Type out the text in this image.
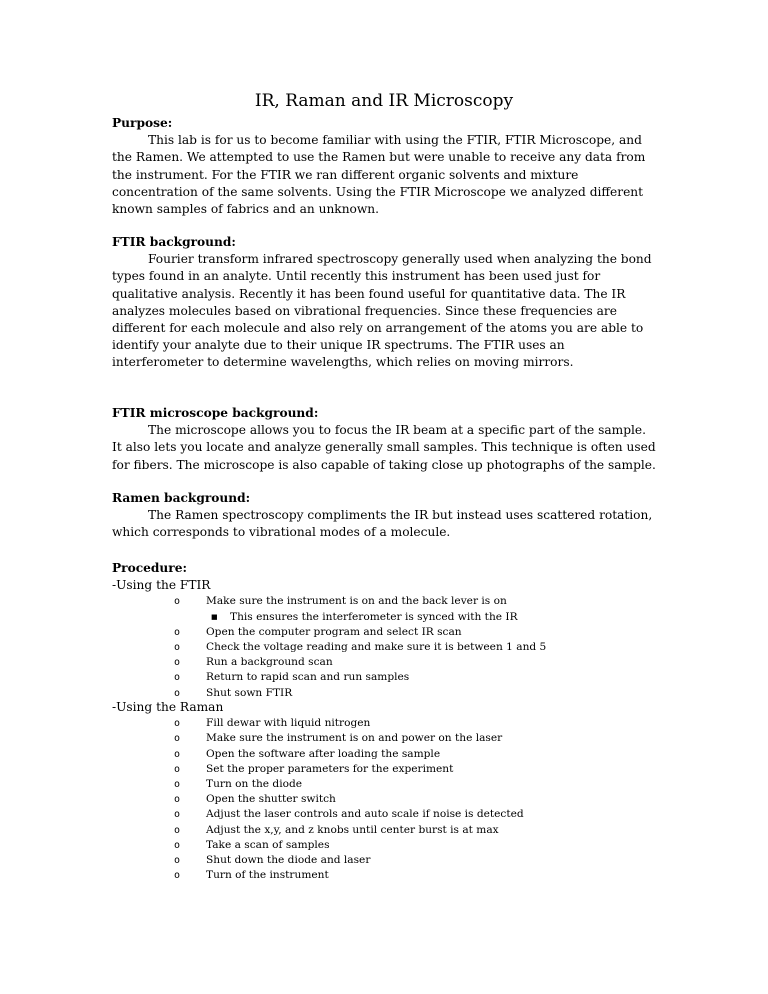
IR, Raman and IR Microscopy

Purpose:

This lab is for us to become familiar with using the FTIR, FTIR Microscope, and the Ramen. We attempted to use the Ramen but were unable to receive any data from the instrument. For the FTIR we ran different organic solvents and mixture concentration of the same solvents. Using the FTIR Microscope we analyzed different known samples of fabrics and an unknown.

FTIR background:

Fourier transform infrared spectroscopy generally used when analyzing the bond types found in an analyte. Until recently this instrument has been used just for qualitative analysis. Recently it has been found useful for quantitative data. The IR analyzes molecules based on vibrational frequencies. Since these frequencies are different for each molecule and also rely on arrangement of the atoms you are able to identify your analyte due to their unique IR spectrums. The FTIR uses an interferometer to determine wavelengths, which relies on moving mirrors.

FTIR microscope background:

The microscope allows you to focus the IR beam at a specific part of the sample. It also lets you locate and analyze generally small samples. This technique is often used for fibers. The microscope is also capable of taking close up photographs of the sample.

Ramen background:

The Ramen spectroscopy compliments the IR but instead uses scattered rotation, which corresponds to vibrational modes of a molecule.

Procedure:

-Using the FTIR

o Make sure the instrument is on and the back lever is on
■ This ensures the interferometer is synced with the IR
o Open the computer program and select IR scan
o Check the voltage reading and make sure it is between 1 and 5
o Run a background scan
o Return to rapid scan and run samples
o Shut sown FTIR

-Using the Raman

o Fill dewar with liquid nitrogen
o Make sure the instrument is on and power on the laser
o Open the software after loading the sample
o Set the proper parameters for the experiment
o Turn on the diode
o Open the shutter switch
o Adjust the laser controls and auto scale if noise is detected
o Adjust the x,y, and z knobs until center burst is at max
o Take a scan of samples
o Shut down the diode and laser
o Turn of the instrument
